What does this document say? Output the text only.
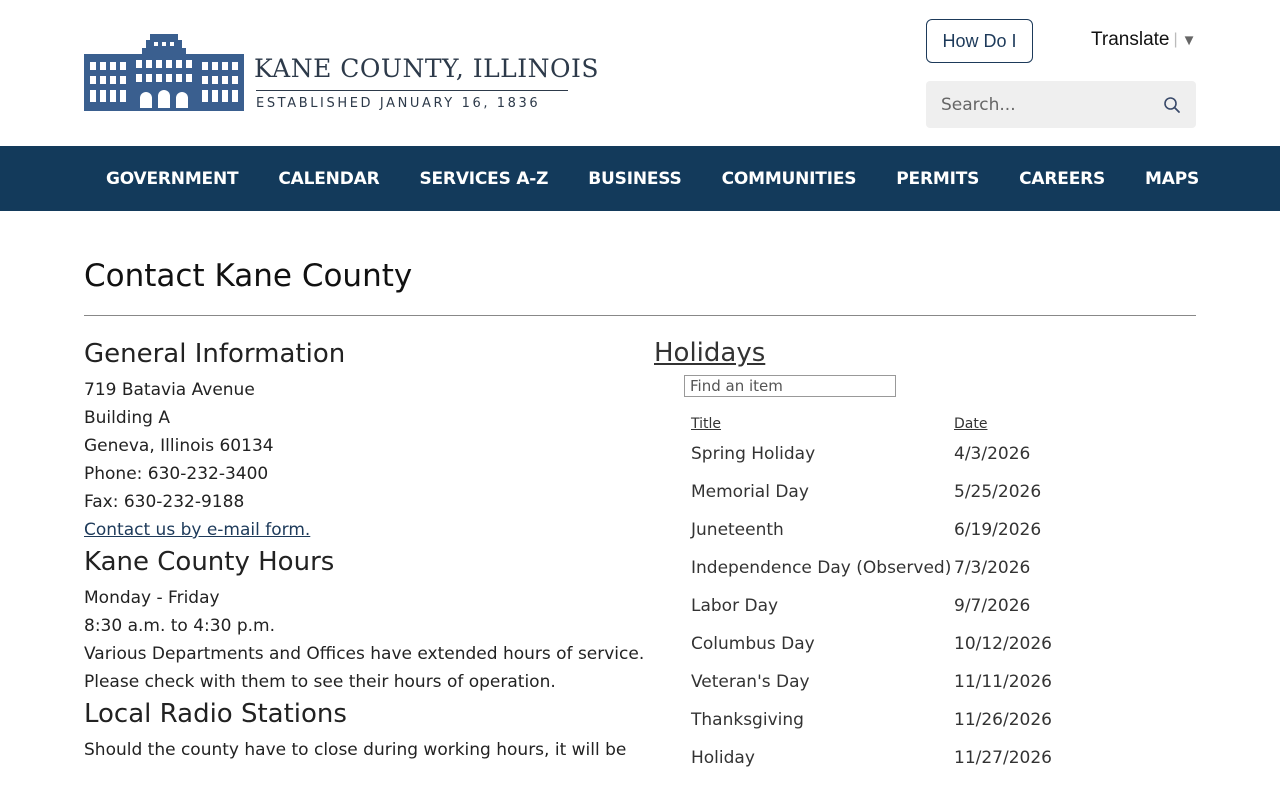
KANE COUNTY, ILLINOIS
ESTABLISHED JANUARY 16, 1836
How Do I	Translate | ▼
Search...
GOVERNMENT	CALENDAR	SERVICES A-Z	BUSINESS	COMMUNITIES	PERMITS	CAREERS	MAPS
Contact Kane County
General Information
719 Batavia Avenue
Building A
Geneva, Illinois 60134
Phone: 630-232-3400
Fax: 630-232-9188
Contact us by e-mail form.
Kane County Hours
Monday - Friday
8:30 a.m. to 4:30 p.m.
Various Departments and Offices have extended hours of service.
Please check with them to see their hours of operation.
Local Radio Stations
Should the county have to close during working hours, it will be
Holidays
Find an item
Title	Date
Spring Holiday	4/3/2026
Memorial Day	5/25/2026
Juneteenth	6/19/2026
Independence Day (Observed)	7/3/2026
Labor Day	9/7/2026
Columbus Day	10/12/2026
Veteran's Day	11/11/2026
Thanksgiving	11/26/2026
Holiday	11/27/2026
